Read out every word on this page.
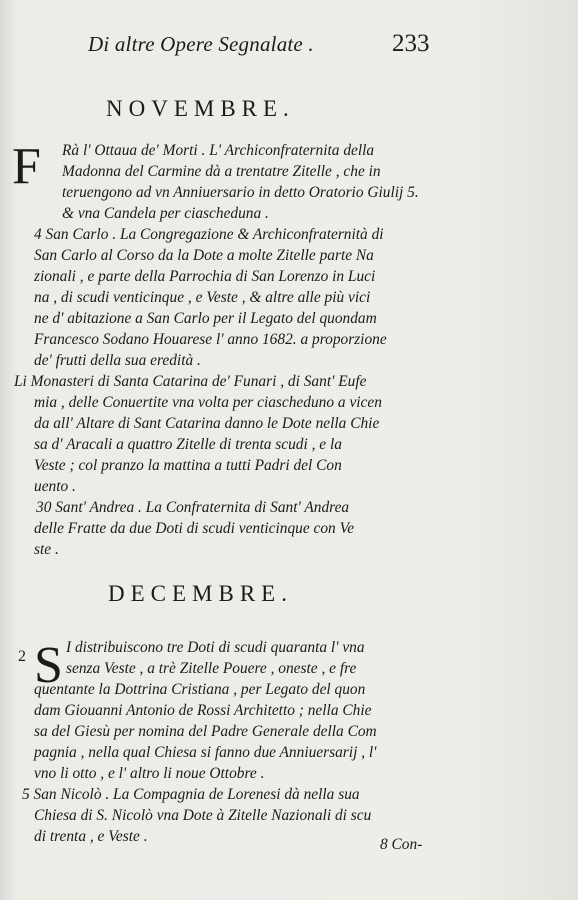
Di altre Opere Segnalate .	233
NOVEMBRE.
F	Rà l' Ottaua de' Morti . L' Archiconfraternita della
Madonna del Carmine dà a trentatre Zitelle , che in
teruengono ad vn Anniuersario in detto Oratorio Giulij 5.
& vna Candela per ciascheduna .
4 San Carlo . La Congregazione & Archiconfraternità di
San Carlo al Corso da la Dote a molte Zitelle parte Na
zionali , e parte della Parrochia di San Lorenzo in Luci
na , di scudi venticinque , e Veste , & altre alle più vici
ne d' abitazione a San Carlo per il Legato del quondam
Francesco Sodano Houarese l' anno 1682. a proporzione
de' frutti della sua eredità .
Li Monasteri di Santa Catarina de' Funari , di Sant' Eufe
mia , delle Conuertite vna volta per ciascheduno a vicen
da all' Altare di Sant Catarina danno le Dote nella Chie
sa d' Aracali a quattro Zitelle di trenta scudi , e la
Veste ; col pranzo la mattina a tutti Padri del Con
uento .
30 Sant' Andrea . La Confraternita di Sant' Andrea
delle Fratte da due Doti di scudi venticinque con Ve
ste .
DECEMBRE.
2 S I distribuiscono tre Doti di scudi quaranta l' vna
senza Veste , a trè Zitelle Pouere , oneste , e fre
quentante la Dottrina Cristiana , per Legato del quon
dam Giouanni Antonio de Rossi Architetto ; nella Chie
sa del Giesù per nomina del Padre Generale della Com
pagnia , nella qual Chiesa si fanno due Anniuersarij , l'
vno li otto , e l' altro li noue Ottobre .
5 San Nicolò . La Compagnia de Lorenesi dà nella sua
Chiesa di S. Nicolò vna Dote à Zitelle Nazionali di scu
di trenta , e Veste .	8 Con-
